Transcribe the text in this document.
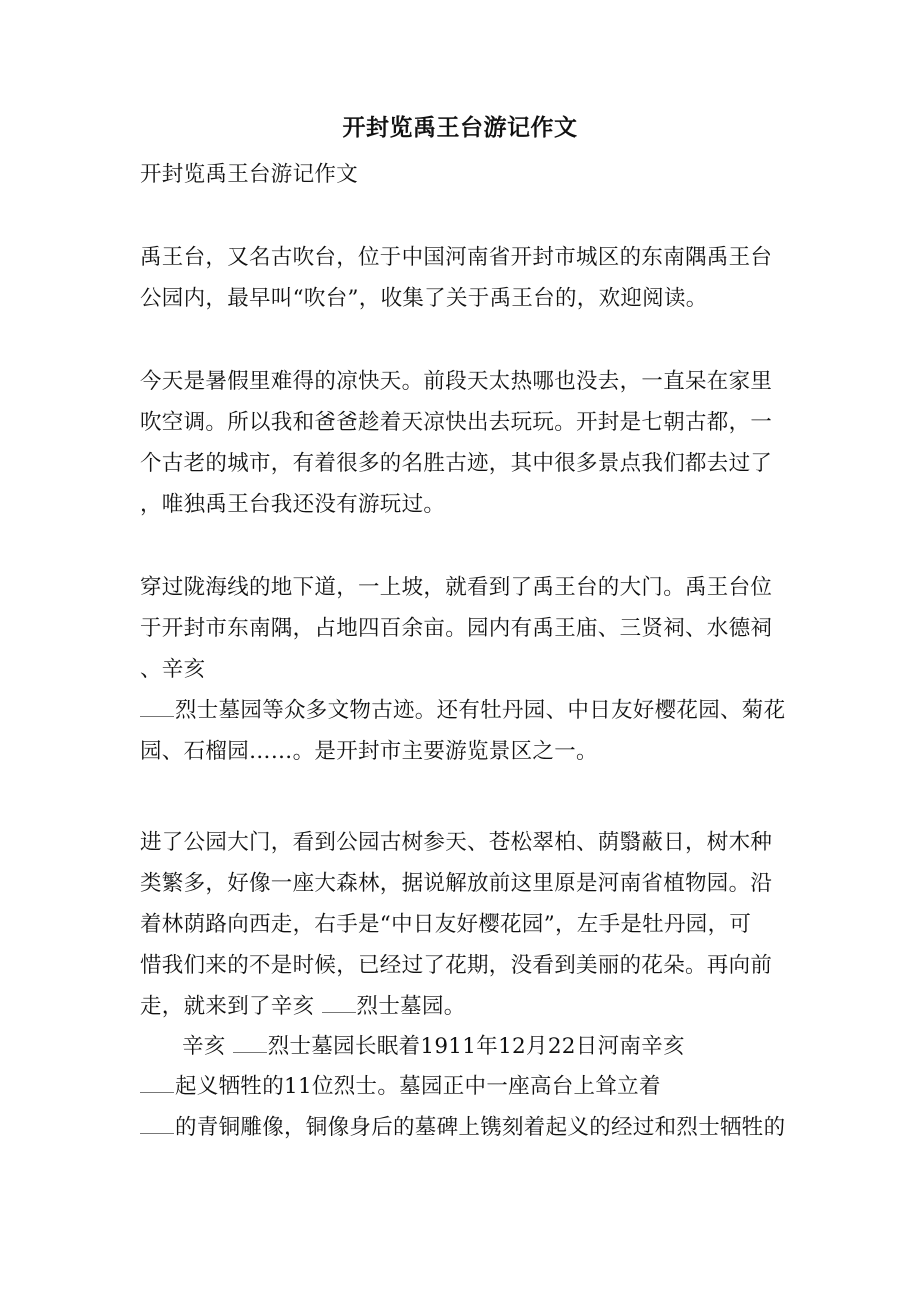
开封览禹王台游记作文
开封览禹王台游记作文
禹王台，又名古吹台，位于中国河南省开封市城区的东南隅禹王台
公园内，最早叫“吹台”，收集了关于禹王台的，欢迎阅读。
今天是暑假里难得的凉快天。前段天太热哪也没去，一直呆在家里
吹空调。所以我和爸爸趁着天凉快出去玩玩。开封是七朝古都，一
个古老的城市，有着很多的名胜古迹，其中很多景点我们都去过了
，唯独禹王台我还没有游玩过。
穿过陇海线的地下道，一上坡，就看到了禹王台的大门。禹王台位
于开封市东南隅，占地四百余亩。园内有禹王庙、三贤祠、水德祠
、辛亥
烈士墓园等众多文物古迹。还有牡丹园、中日友好樱花园、菊花
园、石榴园……。是开封市主要游览景区之一。
进了公园大门，看到公园古树参天、苍松翠柏、荫翳蔽日，树木种
类繁多，好像一座大森林，据说解放前这里原是河南省植物园。沿
着林荫路向西走，右手是“中日友好樱花园”，左手是牡丹园，可
惜我们来的不是时候，已经过了花期，没看到美丽的花朵。再向前
走，就来到了辛亥 烈士墓园。
辛亥 烈士墓园长眠着1911年12月22日河南辛亥
起义牺牲的11位烈士。墓园正中一座高台上耸立着
的青铜雕像，铜像身后的墓碑上镌刻着起义的经过和烈士牺牲的
